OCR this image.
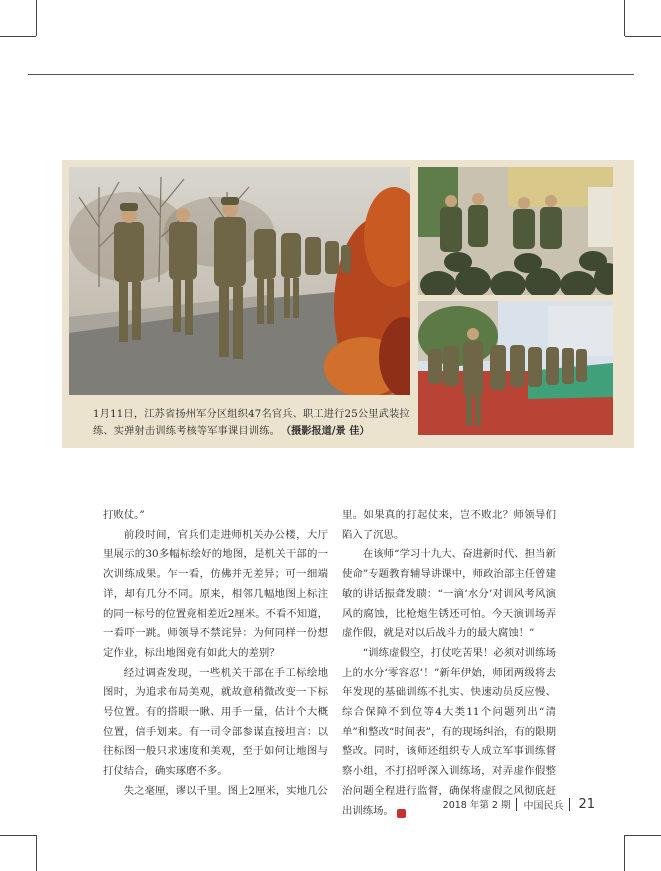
1月11日，江苏省扬州军分区组织47名官兵、职工进行25公里武装拉练、实弹射击训练考核等军事课目训练。 （摄影报道/景 佳）

打败仗。”

前段时间，官兵们走进师机关办公楼，大厅里展示的30多幅标绘好的地图，是机关干部的一次训练成果。乍一看，仿佛并无差异；可一细端详，却有几分不同。原来，相邻几幅地图上标注的同一标号的位置竟相差近2厘米。不看不知道，一看吓一跳。师领导不禁诧异：为何同样一份想定作业，标出地图竟有如此大的差别？

经过调查发现，一些机关干部在手工标绘地图时，为追求布局美观，就故意稍微改变一下标号位置。有的搭眼一瞅、用手一量，估计个大概位置，信手划来。有一司令部参谋直接坦言：以往标图一般只求速度和美观，至于如何让地图与打仗结合，确实琢磨不多。

失之毫厘，谬以千里。图上2厘米，实地几公

里。如果真的打起仗来，岂不败北？师领导们陷入了沉思。

在该师“学习十九大、奋进新时代、担当新使命”专题教育辅导讲课中，师政治部主任曾建敏的讲话振聋发聩：“一滴‘水分’对训风考风演风的腐蚀，比枪炮生锈还可怕。今天演训场弄虚作假，就是对以后战斗力的最大腐蚀！”

“训练虚假空，打仗吃苦果！必须对训练场上的水分‘零容忍’！”新年伊始，师团两级将去年发现的基础训练不扎实、快速动员反应慢、综合保障不到位等4大类11个问题列出“清单”和整改“时间表”，有的现场纠治，有的限期整改。同时，该师还组织专人成立军事训练督察小组，不打招呼深入训练场，对弄虚作假整治问题全程进行监督，确保将虚假之风彻底赶出训练场。	民

2018 年第 2 期 中国民兵 21
